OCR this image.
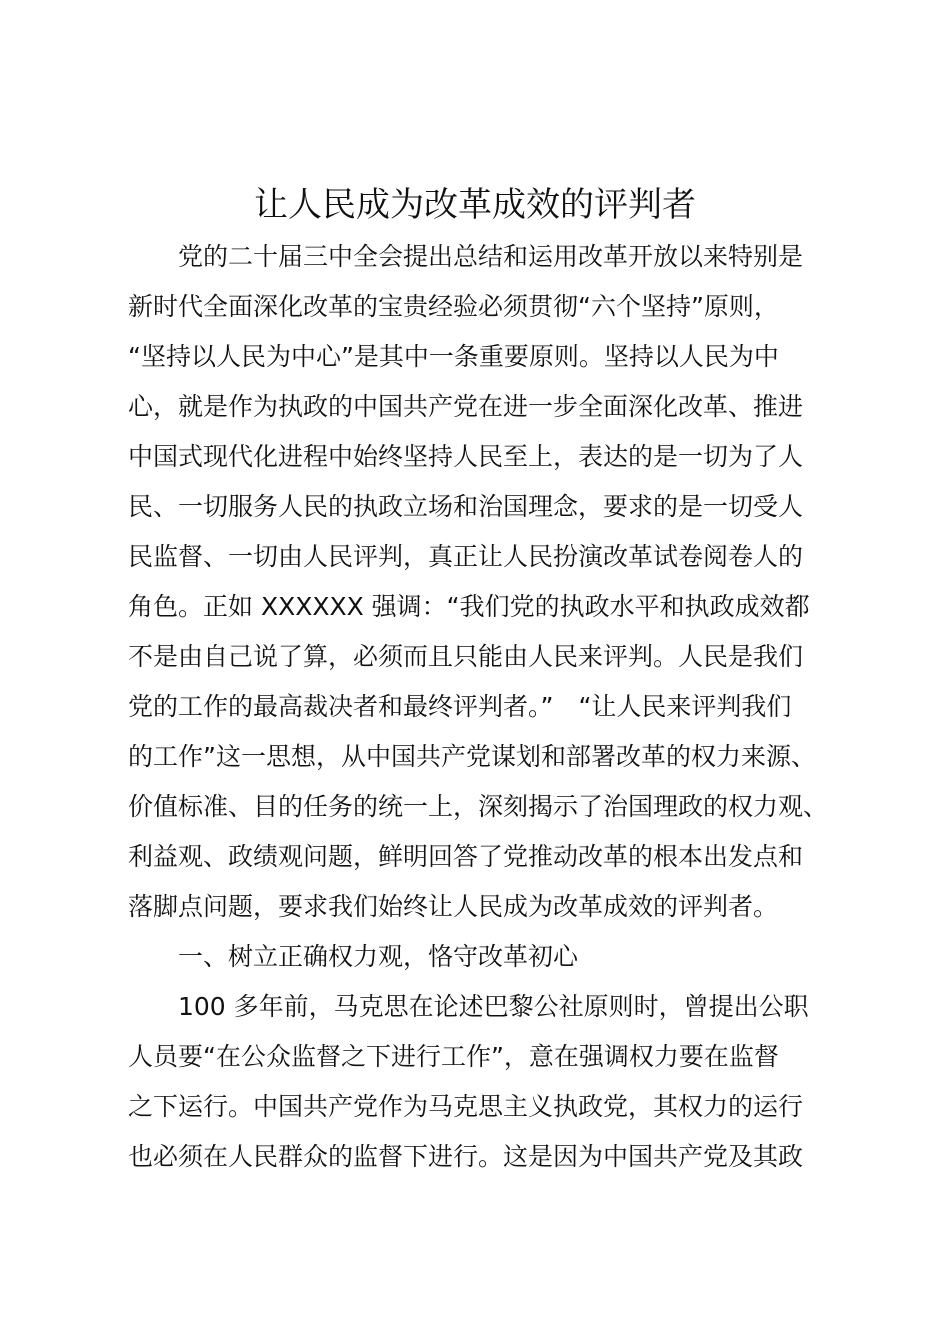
让人民成为改革成效的评判者
党的二十届三中全会提出总结和运用改革开放以来特别是
新时代全面深化改革的宝贵经验必须贯彻“六个坚持”原则，
“坚持以人民为中心”是其中一条重要原则。坚持以人民为中
心，就是作为执政的中国共产党在进一步全面深化改革、推进
中国式现代化进程中始终坚持人民至上，表达的是一切为了人
民、一切服务人民的执政立场和治国理念，要求的是一切受人
民监督、一切由人民评判，真正让人民扮演改革试卷阅卷人的
角色。正如 XXXXXX 强调：“我们党的执政水平和执政成效都
不是由自己说了算，必须而且只能由人民来评判。人民是我们
党的工作的最高裁决者和最终评判者。”　“让人民来评判我们
的工作”这一思想，从中国共产党谋划和部署改革的权力来源、
价值标准、目的任务的统一上，深刻揭示了治国理政的权力观、
利益观、政绩观问题，鲜明回答了党推动改革的根本出发点和
落脚点问题，要求我们始终让人民成为改革成效的评判者。
一、树立正确权力观，恪守改革初心
100 多年前，马克思在论述巴黎公社原则时，曾提出公职
人员要“在公众监督之下进行工作”，意在强调权力要在监督
之下运行。中国共产党作为马克思主义执政党，其权力的运行
也必须在人民群众的监督下进行。这是因为中国共产党及其政
